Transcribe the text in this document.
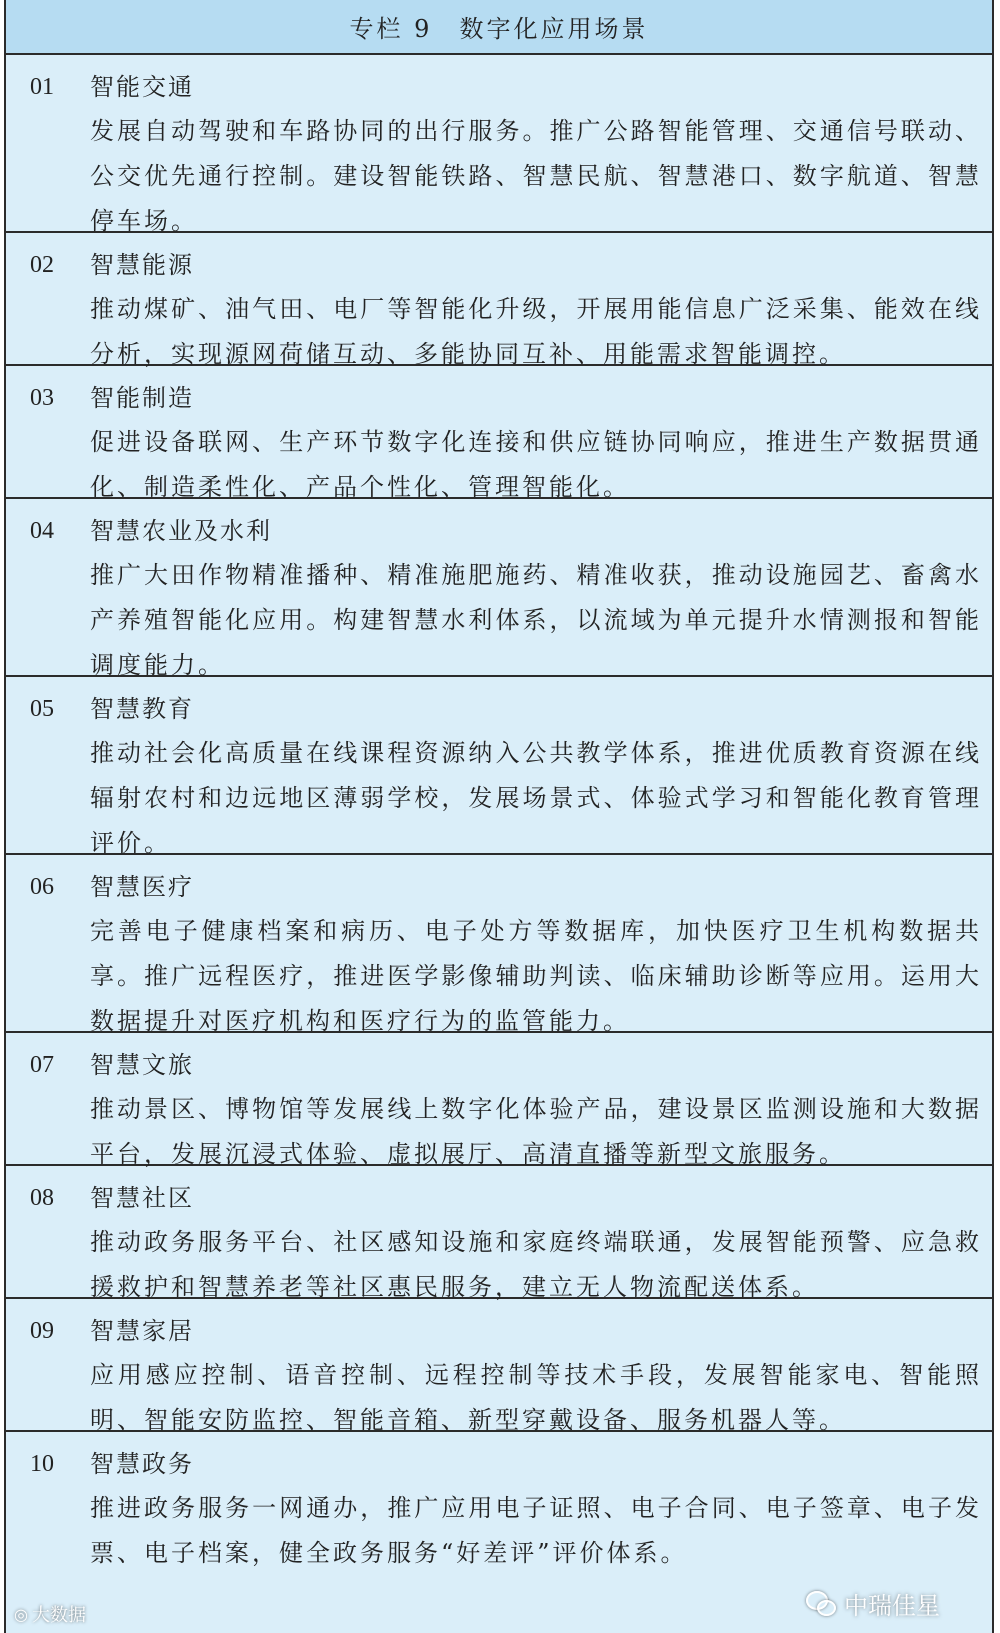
专栏 9　数字化应用场景
01	智能交通
发展自动驾驶和车路协同的出行服务。推广公路智能管理、交通信号联动、公交优先通行控制。建设智能铁路、智慧民航、智慧港口、数字航道、智慧停车场。
02	智慧能源
推动煤矿、油气田、电厂等智能化升级，开展用能信息广泛采集、能效在线分析，实现源网荷储互动、多能协同互补、用能需求智能调控。
03	智能制造
促进设备联网、生产环节数字化连接和供应链协同响应，推进生产数据贯通化、制造柔性化、产品个性化、管理智能化。
04	智慧农业及水利
推广大田作物精准播种、精准施肥施药、精准收获，推动设施园艺、畜禽水产养殖智能化应用。构建智慧水利体系，以流域为单元提升水情测报和智能调度能力。
05	智慧教育
推动社会化高质量在线课程资源纳入公共教学体系，推进优质教育资源在线辐射农村和边远地区薄弱学校，发展场景式、体验式学习和智能化教育管理评价。
06	智慧医疗
完善电子健康档案和病历、电子处方等数据库，加快医疗卫生机构数据共享。推广远程医疗，推进医学影像辅助判读、临床辅助诊断等应用。运用大数据提升对医疗机构和医疗行为的监管能力。
07	智慧文旅
推动景区、博物馆等发展线上数字化体验产品，建设景区监测设施和大数据平台，发展沉浸式体验、虚拟展厅、高清直播等新型文旅服务。
08	智慧社区
推动政务服务平台、社区感知设施和家庭终端联通，发展智能预警、应急救援救护和智慧养老等社区惠民服务，建立无人物流配送体系。
09	智慧家居
应用感应控制、语音控制、远程控制等技术手段，发展智能家电、智能照明、智能安防监控、智能音箱、新型穿戴设备、服务机器人等。
10	智慧政务
推进政务服务一网通办，推广应用电子证照、电子合同、电子签章、电子发票、电子档案，健全政务服务“好差评”评价体系。
◎ 大数据	中瑞佳星
